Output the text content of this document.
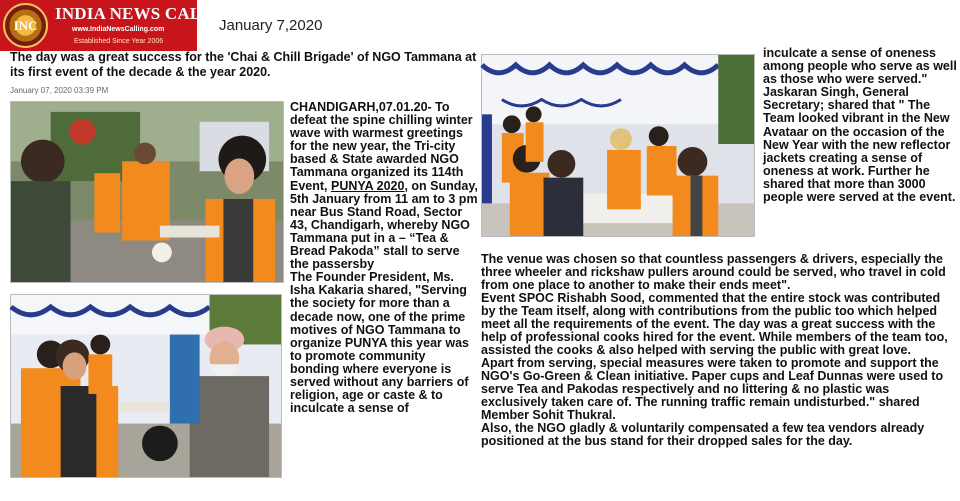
INC
INDIA NEWS CALLING
www.IndiaNewsCalling.com
Established Since Year 2006
January 7,2020
The day was a great success for the 'Chai & Chill Brigade' of NGO Tammana at its first event of the decade & the year 2020.
January 07, 2020 03:39 PM

CHANDIGARH,07.01.20- To defeat the spine chilling winter wave with warmest greetings for the new year, the Tri-city based & State awarded NGO Tammana organized its 114th Event, PUNYA 2020, on Sunday, 5th January from 11 am to 3 pm near Bus Stand Road, Sector 43, Chandigarh, whereby NGO Tammana put in a – “Tea & Bread Pakoda” stall to serve the passersby

The Founder President, Ms. Isha Kakaria shared, "Serving the society for more than a decade now, one of the prime motives of NGO Tammana to organize PUNYA this year was to promote community bonding where everyone is served without any barriers of religion, age or caste & to inculcate a sense of

inculcate a sense of oneness among people who serve as well as those who were served." Jaskaran Singh, General Secretary; shared that " The Team looked vibrant in the New Avataar on the occasion of the New Year with the new reflector jackets creating a sense of oneness at work. Further he shared that more than 3000 people were served at the event.

The venue was chosen so that countless passengers & drivers, especially the three wheeler and rickshaw pullers around could be served, who travel in cold from one place to another to make their ends meet".

Event SPOC Rishabh Sood, commented that the entire stock was contributed by the Team itself, along with contributions from the public too which helped meet all the requirements of the event. The day was a great success with the help of professional cooks hired for the event. While members of the team too, assisted the cooks & also helped with serving the public with great love.

Apart from serving, special measures were taken to promote and support the NGO's Go-Green & Clean initiative. Paper cups and Leaf Dunnas were used to serve Tea and Pakodas respectively and no littering & no plastic was exclusively taken care of. The running traffic remain undisturbed." shared Member Sohit Thukral.

Also, the NGO gladly & voluntarily compensated a few tea vendors already positioned at the bus stand for their dropped sales for the day.
